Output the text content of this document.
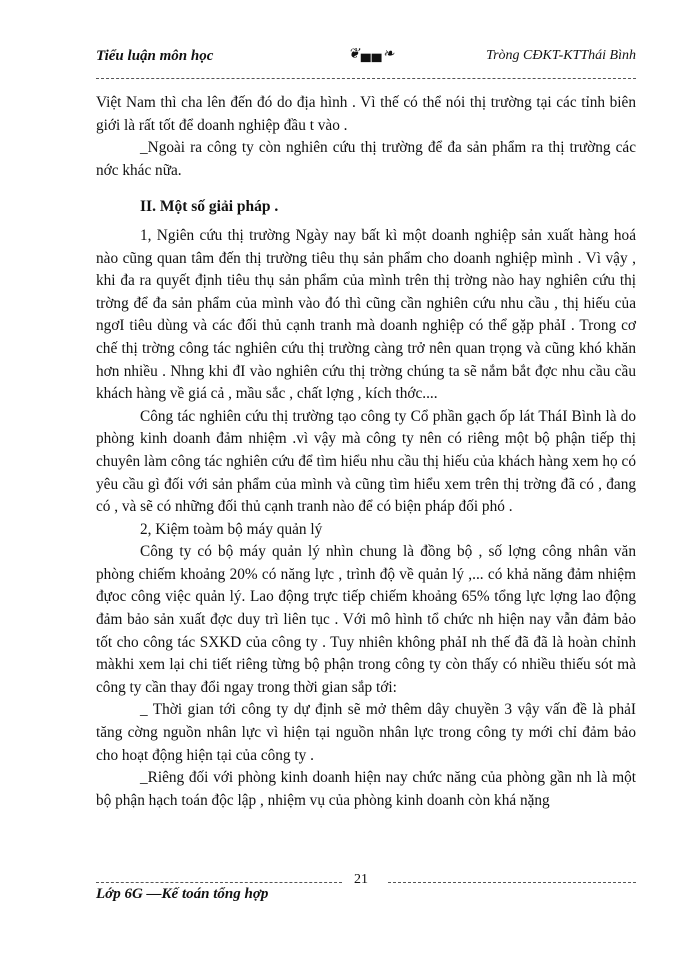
Tiểu luận môn học	❦▄▄❧	Tròng CĐKT-KTThái Bình

Việt Nam thì cha lên đến đó do địa hình . Vì thế có thể nói thị trường tại các tỉnh biên giới là rất tốt để doanh nghiệp đầu t vào .

_Ngoài ra công ty còn nghiên cứu thị trường để đa sản phẩm ra thị trường các nớc khác nữa.

II. Một số giải pháp .

1, Ngiên cứu thị trường Ngày nay bất kì một doanh nghiệp sản xuất hàng hoá nào cũng quan tâm đến thị trường tiêu thụ sản phẩm cho doanh nghiệp mình . Vì vậy , khi đa ra quyết định tiêu thụ sản phẩm của mình trên thị trờng nào hay nghiên cứu thị trờng để đa sản phẩm của mình vào đó thì cũng cần nghiên cứu nhu cầu , thị hiếu của ngơI tiêu dùng và các đối thủ cạnh tranh mà doanh nghiệp có thể gặp phảI . Trong cơ chế thị trờng công tác nghiên cứu thị trường càng trở nên quan trọng và cũng khó khăn hơn nhiều . Nhng khi đI vào nghiên cứu thị trờng chúng ta sẽ nắm bắt đợc nhu cầu cầu khách hàng về giá cả , mầu sắc , chất lợng , kích thớc....

Công tác nghiên cứu thị trường tạo công ty Cổ phần gạch ốp lát TháI Bình là do phòng kinh doanh đảm nhiệm .vì vậy mà công ty nên có riêng một bộ phận tiếp thị chuyên làm công tác nghiên cứu để tìm hiểu nhu cầu thị hiếu của khách hàng xem họ có yêu cầu gì đối với sản phẩm của mình và cũng tìm hiểu xem trên thị trờng đã có , đang có , và sẽ có những đối thủ cạnh tranh nào để có biện pháp đối phó .

2, Kiệm toàm bộ máy quản lý

Công ty có bộ máy quản lý nhìn chung là đồng bộ , số lợng công nhân văn phòng chiếm khoảng 20% có năng lực , trình độ về quản lý ,... có khả năng đảm nhiệm đựoc công việc quản lý. Lao động trực tiếp chiếm khoảng 65% tổng lực lợng lao động đảm bảo sản xuất đợc duy trì liên tục . Với mô hình tổ chức nh hiện nay vẫn đảm bảo tốt cho công tác SXKD của công ty . Tuy nhiên không phảI nh thế đã đã là hoàn chỉnh màkhi xem lại chi tiết riêng từng bộ phận trong công ty còn thấy có nhiều thiếu sót mà công ty cần thay đổi ngay trong thời gian sắp tới:

_ Thời gian tới công ty dự định sẽ mở thêm dây chuyền 3 vậy vấn đề là phảI tăng cờng nguồn nhân lực vì hiện tại nguồn nhân lực trong công ty mới chỉ đảm bảo cho hoạt động hiện tại của công ty .

_Riêng đối với phòng kinh doanh hiện nay chức năng của phòng gần nh là một bộ phận hạch toán độc lập , nhiệm vụ của phòng kinh doanh còn khá nặng

21
Lớp 6G —Kế toán tổng hợp
